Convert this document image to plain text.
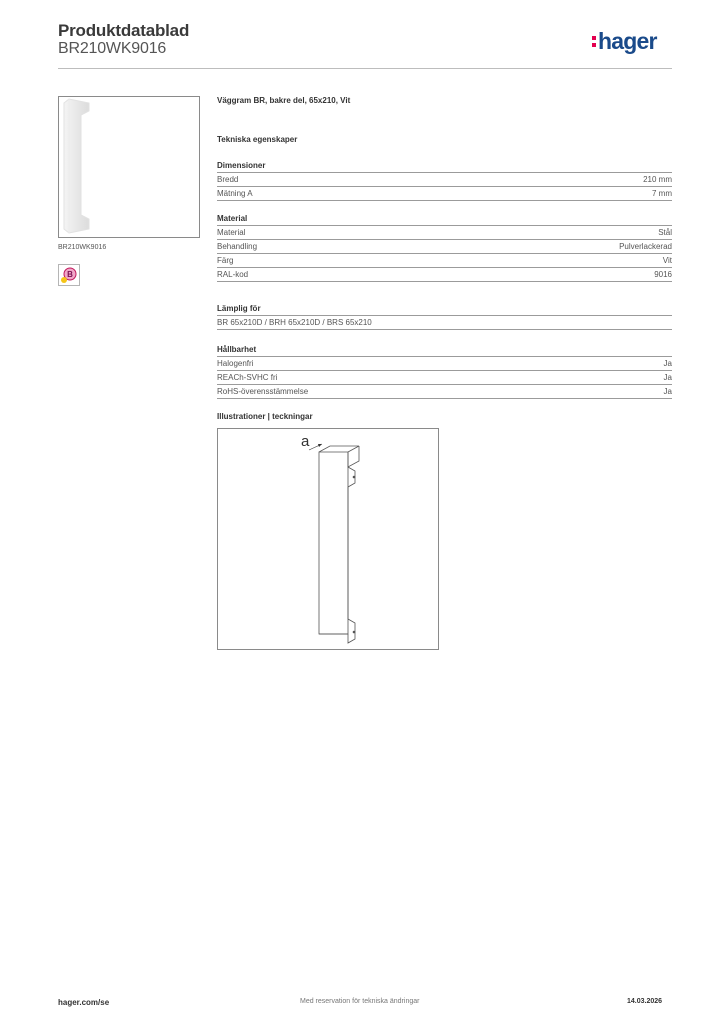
Produktdatablad
BR210WK9016	hager
BR210WK9016
B
Väggram BR, bakre del, 65x210, Vit
Tekniska egenskaper
Dimensioner
Bredd	210 mm
Mätning A	7 mm
Material
Material	Stål
Behandling	Pulverlackerad
Färg	Vit
RAL-kod	9016
Lämplig för
BR 65x210D / BRH 65x210D / BRS 65x210
Hållbarhet
Halogenfri	Ja
REACh-SVHC fri	Ja
RoHS-överensstämmelse	Ja
Illustrationer | teckningar
a
hager.com/se	Med reservation för tekniska ändringar	14.03.2026
